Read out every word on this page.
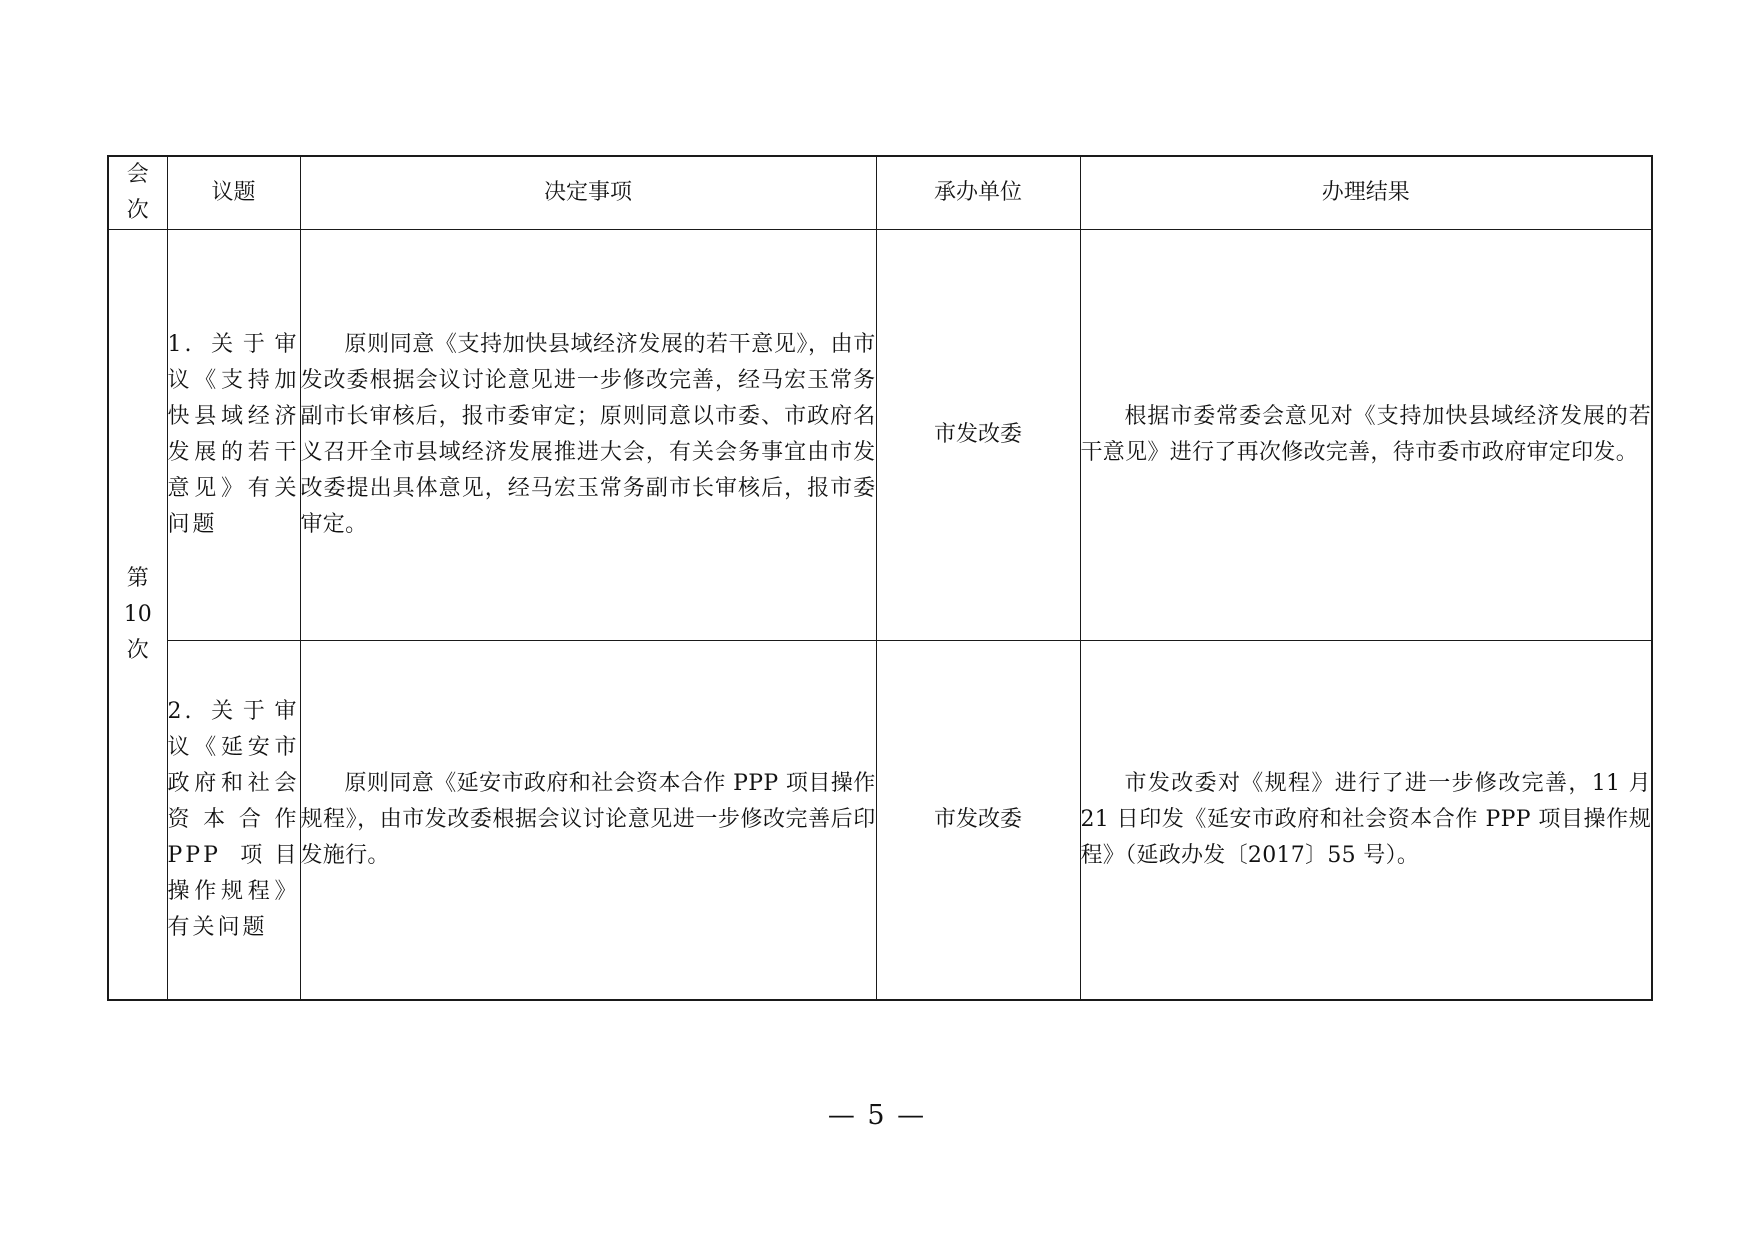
会
次	议题	决定事项	承办单位	办理结果

第
10
次	1. 关于审议《支持加快县域经济发展的若干意见》有关问题	原则同意《支持加快县域经济发展的若干意见》，由市发改委根据会议讨论意见进一步修改完善，经马宏玉常务副市长审核后，报市委审定；原则同意以市委、市政府名义召开全市县域经济发展推进大会，有关会务事宜由市发改委提出具体意见，经马宏玉常务副市长审核后，报市委审定。	市发改委	根据市委常委会意见对《支持加快县域经济发展的若干意见》进行了再次修改完善，待市委市政府审定印发。

	2. 关于审议《延安市政府和社会资本合作 PPP 项目操作规程》有关问题	原则同意《延安市政府和社会资本合作 PPP 项目操作规程》，由市发改委根据会议讨论意见进一步修改完善后印发施行。	市发改委	市发改委对《规程》进行了进一步修改完善，11 月 21 日印发《延安市政府和社会资本合作 PPP 项目操作规程》（延政办发〔2017〕55 号）。

— 5 —
